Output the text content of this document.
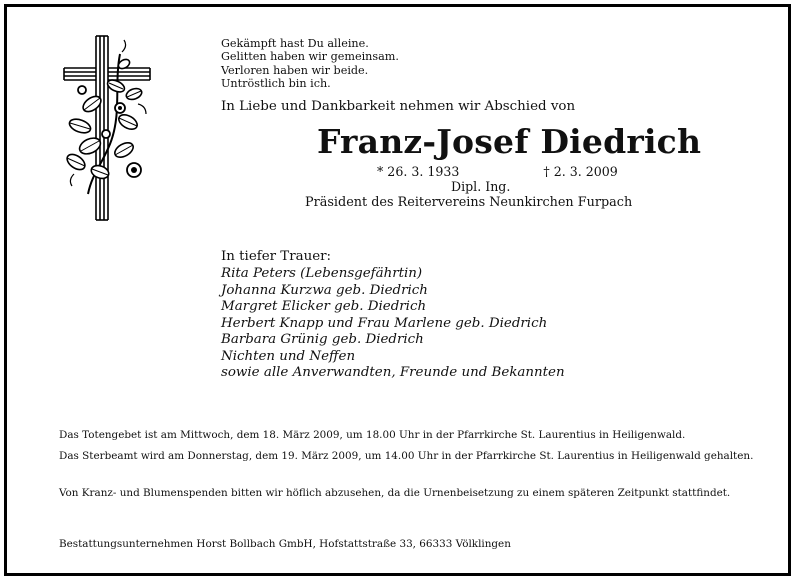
Gekämpft hast Du alleine.
Gelitten haben wir gemeinsam.
Verloren haben wir beide.
Untröstlich bin ich.
In Liebe und Dankbarkeit nehmen wir Abschied von
Franz-Josef Diedrich
* 26. 3. 1933	† 2. 3. 2009
Dipl. Ing.
Präsident des Reitervereins Neunkirchen Furpach
In tiefer Trauer:
Rita Peters (Lebensgefährtin)
Johanna Kurzwa geb. Diedrich
Margret Elicker geb. Diedrich
Herbert Knapp und Frau Marlene geb. Diedrich
Barbara Grünig geb. Diedrich
Nichten und Neffen
sowie alle Anverwandten, Freunde und Bekannten
Das Totengebet ist am Mittwoch, dem 18. März 2009, um 18.00 Uhr in der Pfarrkirche St. Laurentius in Heiligenwald.
Das Sterbeamt wird am Donnerstag, dem 19. März 2009, um 14.00 Uhr in der Pfarrkirche St. Laurentius in Heiligenwald gehalten.
Von Kranz- und Blumenspenden bitten wir höflich abzusehen, da die Urnenbeisetzung zu einem späteren Zeitpunkt stattfindet.
Bestattungsunternehmen Horst Bollbach GmbH, Hofstattstraße 33, 66333 Völklingen
